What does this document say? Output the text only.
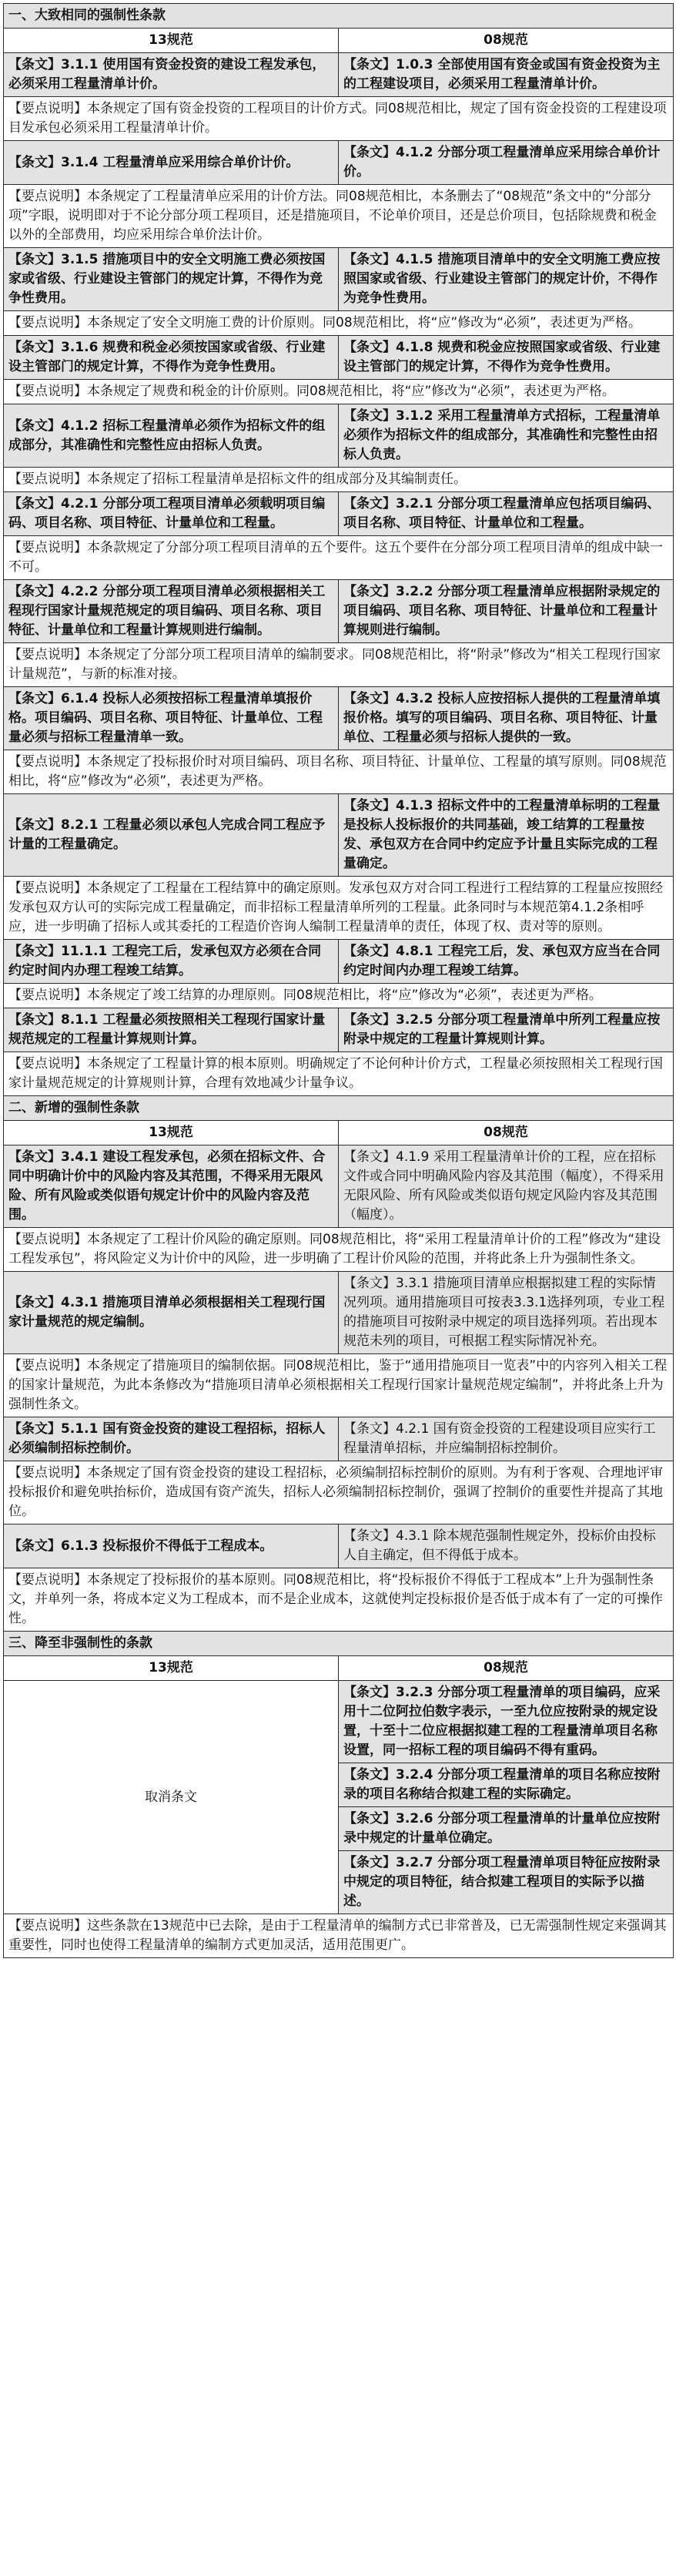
一、大致相同的强制性条款	
13规范	08规范
【条文】3.1.1 使用国有资金投资的建设工程发承包，必须采用工程量清单计价。	【条文】1.0.3 全部使用国有资金或国有资金投资为主的工程建设项目，必须采用工程量清单计价。
【要点说明】本条规定了国有资金投资的工程项目的计价方式。同08规范相比，规定了国有资金投资的工程建设项目发承包必须采用工程量清单计价。	
【条文】3.1.4 工程量清单应采用综合单价计价。	【条文】4.1.2 分部分项工程量清单应采用综合单价计价。
【要点说明】本条规定了工程量清单应采用的计价方法。同08规范相比，本条删去了“08规范”条文中的“分部分项”字眼，说明即对于不论分部分项工程项目，还是措施项目，不论单价项目，还是总价项目，包括除规费和税金以外的全部费用，均应采用综合单价法计价。	
【条文】3.1.5 措施项目中的安全文明施工费必须按国家或省级、行业建设主管部门的规定计算，不得作为竞争性费用。	【条文】4.1.5 措施项目清单中的安全文明施工费应按照国家或省级、行业建设主管部门的规定计价，不得作为竞争性费用。
【要点说明】本条规定了安全文明施工费的计价原则。同08规范相比，将“应”修改为“必须”，表述更为严格。	
【条文】3.1.6 规费和税金必须按国家或省级、行业建设主管部门的规定计算，不得作为竞争性费用。	【条文】4.1.8 规费和税金应按照国家或省级、行业建设主管部门的规定计算，不得作为竞争性费用。
【要点说明】本条规定了规费和税金的计价原则。同08规范相比，将“应”修改为“必须”，表述更为严格。	
【条文】4.1.2 招标工程量清单必须作为招标文件的组成部分，其准确性和完整性应由招标人负责。	【条文】3.1.2 采用工程量清单方式招标，工程量清单必须作为招标文件的组成部分，其准确性和完整性由招标人负责。
【要点说明】本条规定了招标工程量清单是招标文件的组成部分及其编制责任。	
【条文】4.2.1 分部分项工程项目清单必须载明项目编码、项目名称、项目特征、计量单位和工程量。	【条文】3.2.1 分部分项工程量清单应包括项目编码、项目名称、项目特征、计量单位和工程量。
【要点说明】本条款规定了分部分项工程项目清单的五个要件。这五个要件在分部分项工程项目清单的组成中缺一不可。	
【条文】4.2.2 分部分项工程项目清单必须根据相关工程现行国家计量规范规定的项目编码、项目名称、项目特征、计量单位和工程量计算规则进行编制。	【条文】3.2.2 分部分项工程量清单应根据附录规定的项目编码、项目名称、项目特征、计量单位和工程量计算规则进行编制。
【要点说明】本条规定了分部分项工程项目清单的编制要求。同08规范相比，将“附录”修改为“相关工程现行国家计量规范”，与新的标准对接。	
【条文】6.1.4 投标人必须按招标工程量清单填报价格。项目编码、项目名称、项目特征、计量单位、工程量必须与招标工程量清单一致。	【条文】4.3.2 投标人应按招标人提供的工程量清单填报价格。填写的项目编码、项目名称、项目特征、计量单位、工程量必须与招标人提供的一致。
【要点说明】本条规定了投标报价时对项目编码、项目名称、项目特征、计量单位、工程量的填写原则。同08规范相比，将“应”修改为“必须”，表述更为严格。	
【条文】8.2.1 工程量必须以承包人完成合同工程应予计量的工程量确定。	【条文】4.1.3 招标文件中的工程量清单标明的工程量是投标人投标报价的共同基础，竣工结算的工程量按发、承包双方在合同中约定应予计量且实际完成的工程量确定。
【要点说明】本条规定了工程量在工程结算中的确定原则。发承包双方对合同工程进行工程结算的工程量应按照经发承包双方认可的实际完成工程量确定，而非招标工程量清单所列的工程量。此条同时与本规范第4.1.2条相呼应，进一步明确了招标人或其委托的工程造价咨询人编制工程量清单的责任，体现了权、责对等的原则。	
【条文】11.1.1 工程完工后，发承包双方必须在合同约定时间内办理工程竣工结算。	【条文】4.8.1 工程完工后，发、承包双方应当在合同约定时间内办理工程竣工结算。
【要点说明】本条规定了竣工结算的办理原则。同08规范相比，将“应”修改为“必须”，表述更为严格。	
【条文】8.1.1 工程量必须按照相关工程现行国家计量规范规定的工程量计算规则计算。	【条文】3.2.5 分部分项工程量清单中所列工程量应按附录中规定的工程量计算规则计算。
【要点说明】本条规定了工程量计算的根本原则。明确规定了不论何种计价方式，工程量必须按照相关工程现行国家计量规范规定的计算规则计算，合理有效地减少计量争议。	
二、新增的强制性条款	
13规范	08规范
【条文】3.4.1 建设工程发承包，必须在招标文件、合同中明确计价中的风险内容及其范围，不得采用无限风险、所有风险或类似语句规定计价中的风险内容及范围。	【条文】4.1.9 采用工程量清单计价的工程，应在招标文件或合同中明确风险内容及其范围（幅度），不得采用无限风险、所有风险或类似语句规定风险内容及其范围（幅度）。
【要点说明】本条规定了工程计价风险的确定原则。同08规范相比，将“采用工程量清单计价的工程”修改为“建设工程发承包”，将风险定义为计价中的风险，进一步明确了工程计价风险的范围，并将此条上升为强制性条文。	
【条文】4.3.1 措施项目清单必须根据相关工程现行国家计量规范的规定编制。	【条文】3.3.1 措施项目清单应根据拟建工程的实际情况列项。通用措施项目可按表3.3.1选择列项，专业工程的措施项目可按附录中规定的项目选择列项。若出现本规范未列的项目，可根据工程实际情况补充。
【要点说明】本条规定了措施项目的编制依据。同08规范相比，鉴于“通用措施项目一览表”中的内容列入相关工程的国家计量规范，为此本条修改为“措施项目清单必须根据相关工程现行国家计量规范规定编制”，并将此条上升为强制性条文。	
【条文】5.1.1 国有资金投资的建设工程招标，招标人必须编制招标控制价。	【条文】4.2.1 国有资金投资的工程建设项目应实行工程量清单招标，并应编制招标控制价。
【要点说明】本条规定了国有资金投资的建设工程招标，必须编制招标控制价的原则。为有利于客观、合理地评审投标报价和避免哄抬标价，造成国有资产流失，招标人必须编制招标控制价，强调了控制价的重要性并提高了其地位。	
【条文】6.1.3 投标报价不得低于工程成本。	【条文】4.3.1 除本规范强制性规定外，投标价由投标人自主确定，但不得低于成本。
【要点说明】本条规定了投标报价的基本原则。同08规范相比，将“投标报价不得低于工程成本”上升为强制性条文，并单列一条，将成本定义为工程成本，而不是企业成本，这就使判定投标报价是否低于成本有了一定的可操作性。	
三、降至非强制性的条款	
13规范	08规范
取消条文	【条文】3.2.3 分部分项工程量清单的项目编码，应采用十二位阿拉伯数字表示，一至九位应按附录的规定设置，十至十二位应根据拟建工程的工程量清单项目名称设置，同一招标工程的项目编码不得有重码。
	【条文】3.2.4 分部分项工程量清单的项目名称应按附录的项目名称结合拟建工程的实际确定。
	【条文】3.2.6 分部分项工程量清单的计量单位应按附录中规定的计量单位确定。
	【条文】3.2.7 分部分项工程量清单项目特征应按附录中规定的项目特征，结合拟建工程项目的实际予以描述。
【要点说明】这些条款在13规范中已去除，是由于工程量清单的编制方式已非常普及，已无需强制性规定来强调其重要性，同时也使得工程量清单的编制方式更加灵活，适用范围更广。	
